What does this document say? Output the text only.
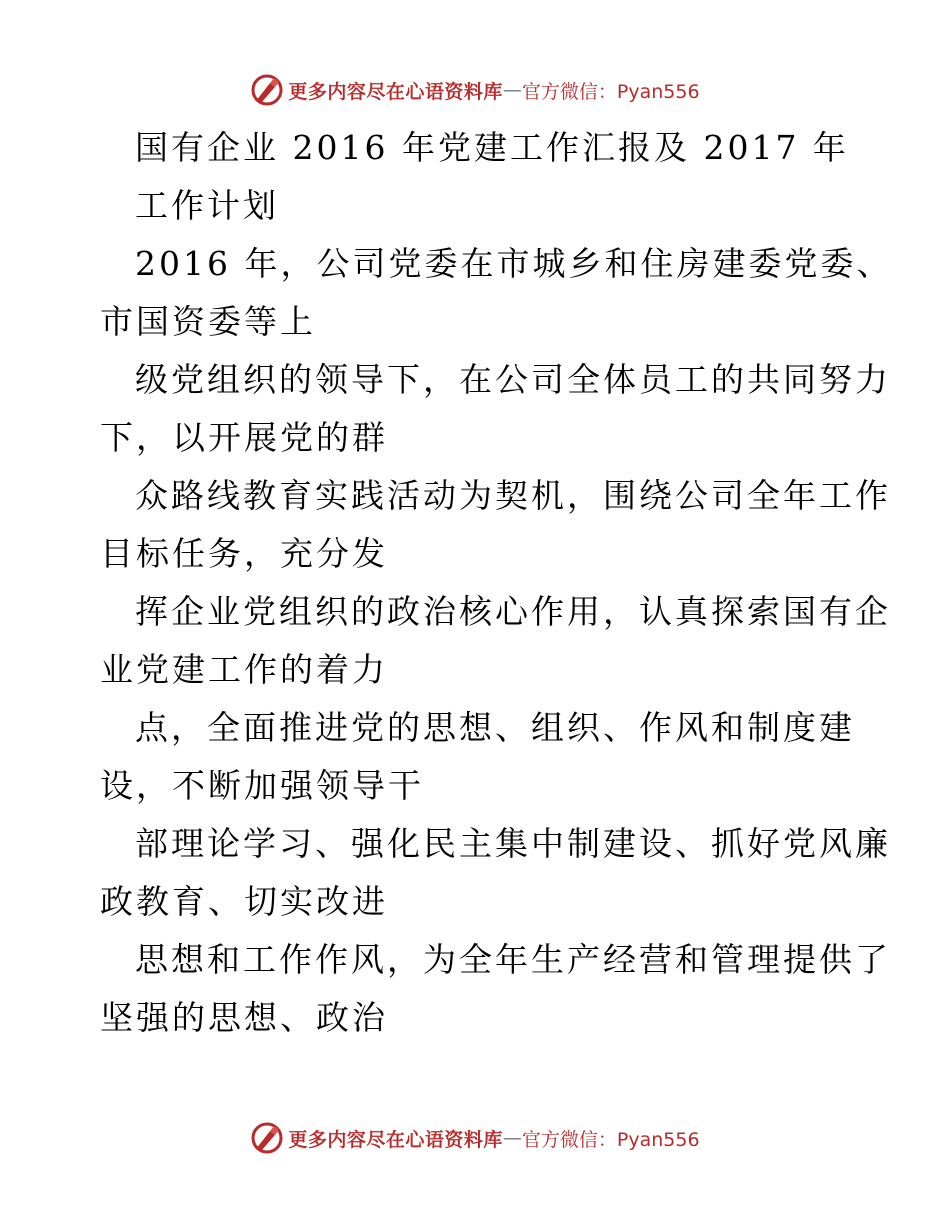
更多内容尽在心语资料库 — 官方微信：Pyan556
国有企业 2016 年党建工作汇报及 2017 年
工作计划
2016 年，公司党委在市城乡和住房建委党委、
市国资委等上
级党组织的领导下，在公司全体员工的共同努力
下，以开展党的群
众路线教育实践活动为契机，围绕公司全年工作
目标任务，充分发
挥企业党组织的政治核心作用，认真探索国有企
业党建工作的着力
点，全面推进党的思想、组织、作风和制度建
设，不断加强领导干
部理论学习、强化民主集中制建设、抓好党风廉
政教育、切实改进
思想和工作作风，为全年生产经营和管理提供了
坚强的思想、政治
更多内容尽在心语资料库 — 官方微信：Pyan556
